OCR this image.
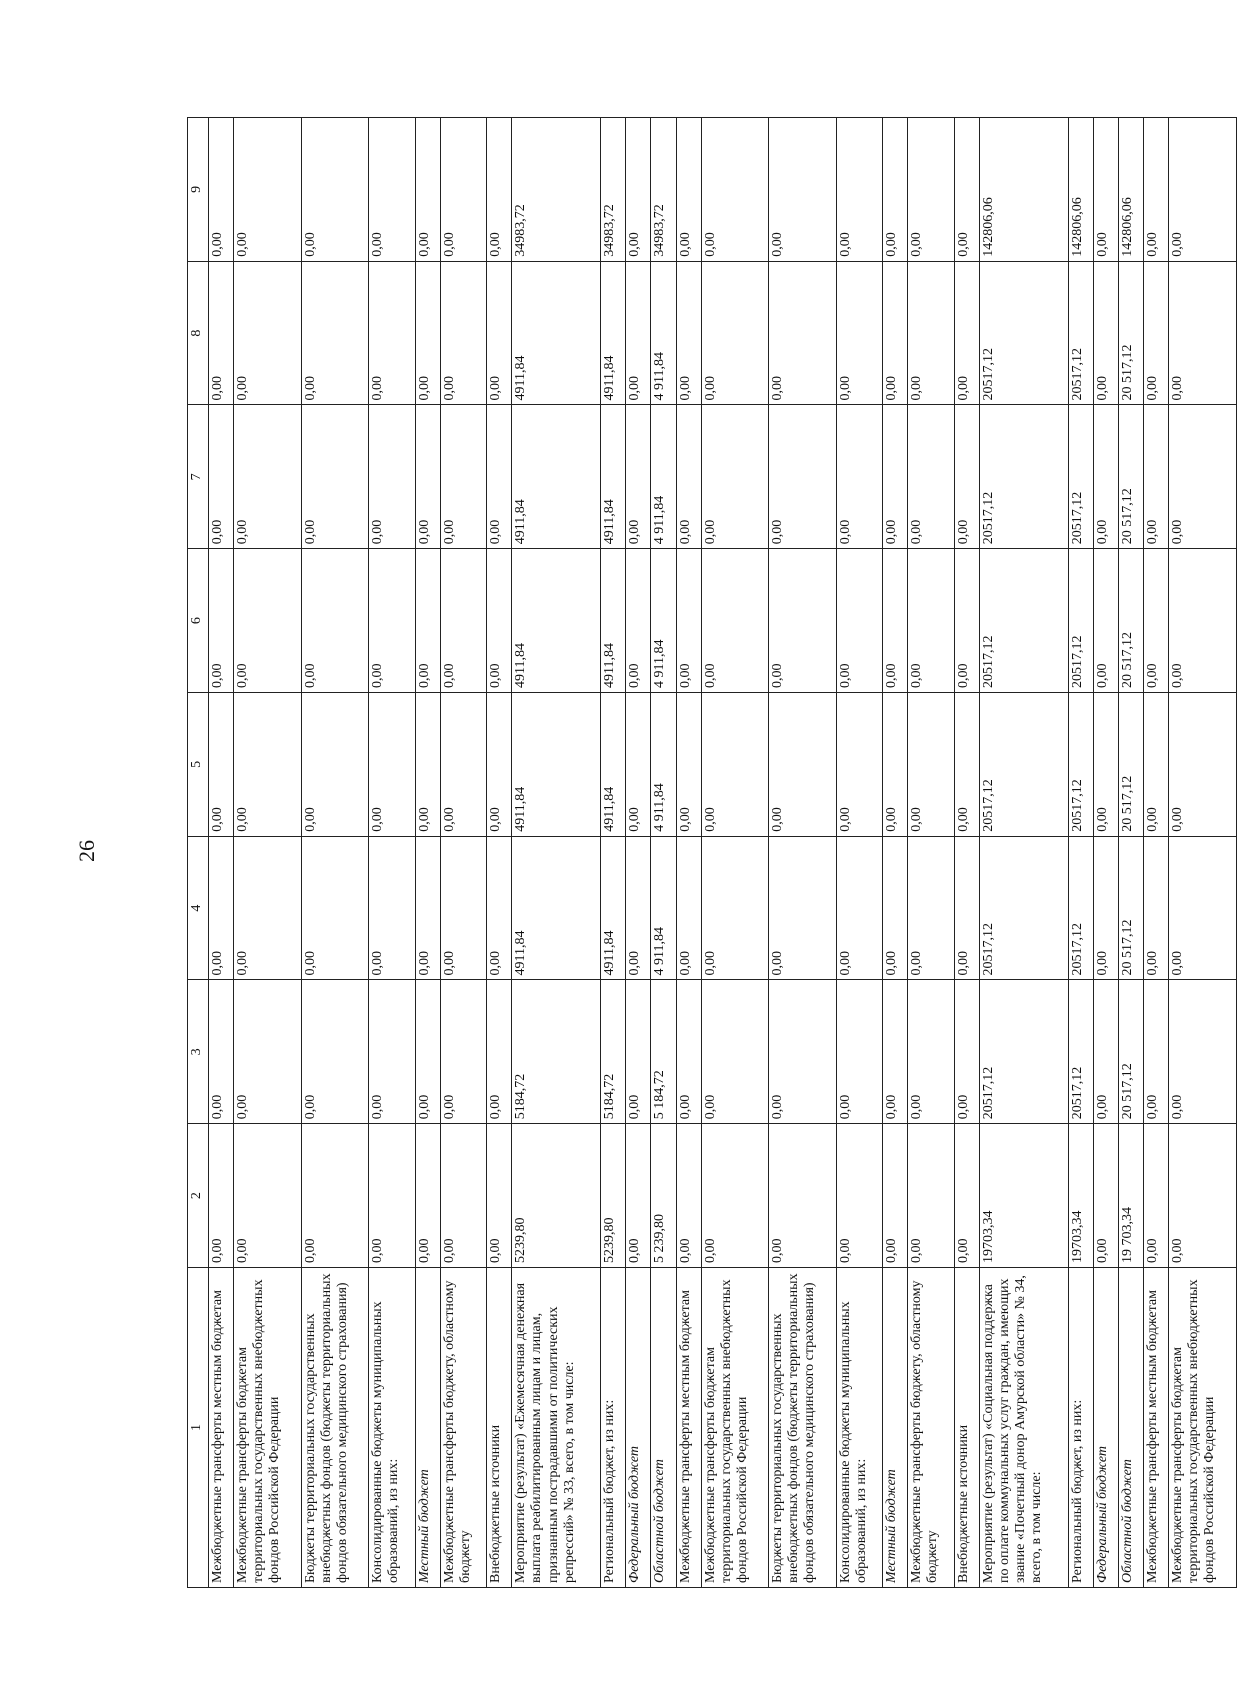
26
1	2	3	4	5	6	7	8	9
Межбюджетные трансферты местным бюджетам	0,00	0,00	0,00	0,00	0,00	0,00	0,00	0,00
Межбюджетные трансферты бюджетам территориальных государственных внебюджетных фондов Российской Федерации	0,00	0,00	0,00	0,00	0,00	0,00	0,00	0,00
Бюджеты территориальных государственных внебюджетных фондов (бюджеты территориальных фондов обязательного медицинского страхования)	0,00	0,00	0,00	0,00	0,00	0,00	0,00	0,00
Консолидированные бюджеты муниципальных образований, из них:	0,00	0,00	0,00	0,00	0,00	0,00	0,00	0,00
Местный бюджет	0,00	0,00	0,00	0,00	0,00	0,00	0,00	0,00
Межбюджетные трансферты бюджету, областному бюджету	0,00	0,00	0,00	0,00	0,00	0,00	0,00	0,00
Внебюджетные источники	0,00	0,00	0,00	0,00	0,00	0,00	0,00	0,00
Мероприятие (результат) «Ежемесячная денежная выплата реабилитированным лицам и лицам, признанным пострадавшими от политических репрессий» № 33, всего, в том числе:	5239,80	5184,72	4911,84	4911,84	4911,84	4911,84	4911,84	34983,72
Региональный бюджет, из них:	5239,80	5184,72	4911,84	4911,84	4911,84	4911,84	4911,84	34983,72
Федеральный бюджет	0,00	0,00	0,00	0,00	0,00	0,00	0,00	0,00
Областной бюджет	5 239,80	5 184,72	4 911,84	4 911,84	4 911,84	4 911,84	4 911,84	34983,72
Межбюджетные трансферты местным бюджетам	0,00	0,00	0,00	0,00	0,00	0,00	0,00	0,00
Межбюджетные трансферты бюджетам территориальных государственных внебюджетных фондов Российской Федерации	0,00	0,00	0,00	0,00	0,00	0,00	0,00	0,00
Бюджеты территориальных государственных внебюджетных фондов (бюджеты территориальных фондов обязательного медицинского страхования)	0,00	0,00	0,00	0,00	0,00	0,00	0,00	0,00
Консолидированные бюджеты муниципальных образований, из них:	0,00	0,00	0,00	0,00	0,00	0,00	0,00	0,00
Местный бюджет	0,00	0,00	0,00	0,00	0,00	0,00	0,00	0,00
Межбюджетные трансферты бюджету, областному бюджету	0,00	0,00	0,00	0,00	0,00	0,00	0,00	0,00
Внебюджетные источники	0,00	0,00	0,00	0,00	0,00	0,00	0,00	0,00
Мероприятие (результат) «Социальная поддержка по оплате коммунальных услуг граждан, имеющих звание «Почетный донор Амурской области» № 34, всего, в том числе:	19703,34	20517,12	20517,12	20517,12	20517,12	20517,12	20517,12	142806,06
Региональный бюджет, из них:	19703,34	20517,12	20517,12	20517,12	20517,12	20517,12	20517,12	142806,06
Федеральный бюджет	0,00	0,00	0,00	0,00	0,00	0,00	0,00	0,00
Областной бюджет	19 703,34	20 517,12	20 517,12	20 517,12	20 517,12	20 517,12	20 517,12	142806,06
Межбюджетные трансферты местным бюджетам	0,00	0,00	0,00	0,00	0,00	0,00	0,00	0,00
Межбюджетные трансферты бюджетам территориальных государственных внебюджетных фондов Российской Федерации	0,00	0,00	0,00	0,00	0,00	0,00	0,00	0,00
